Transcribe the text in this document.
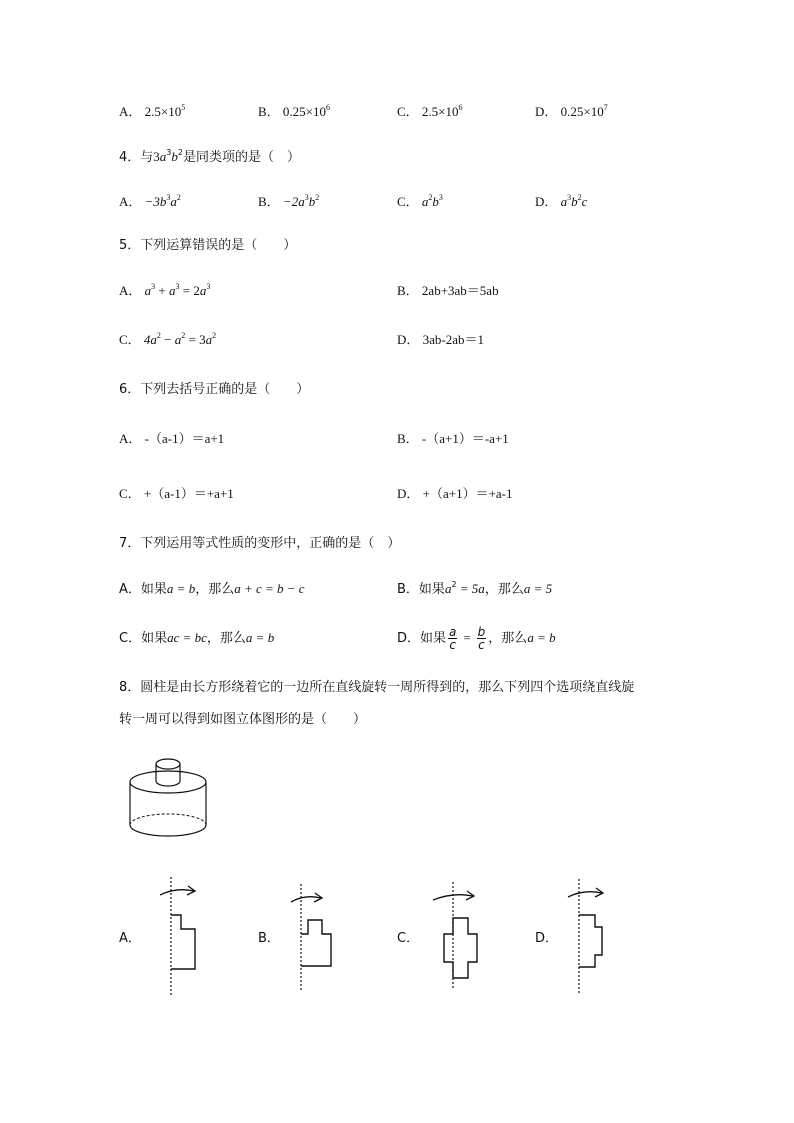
A． $2.5\times 10^5$	B． $0.25\times 10^6$	C． $2.5\times 10^6$	D． $0.25\times 10^7$
4．与$3a^3b^2$是同类项的是（　）
A． $-3b^3a^2$	B． $-2a^3b^2$	C． $a^2b^3$	D． $a^3b^2c$
5．下列运算错误的是（　　）
A． $a^3 + a^3 = 2a^3$	B． 2ab+3ab＝5ab
C． $4a^2 - a^2 = 3a^2$	D． 3ab-2ab＝1
6．下列去括号正确的是（　　）
A． -（a-1）＝a+1	B． -（a+1）＝-a+1
C． +（a-1）＝+a+1	D． +（a+1）＝+a-1
7．下列运用等式性质的变形中，正确的是（　）
A．如果a = b，那么a + c = b − c	B．如果$a^2 = 5a$，那么a = 5
C．如果ac = bc，那么a = b	D．如果 $\frac{a}{c} = \frac{b}{c}$ ，那么a = b
8．圆柱是由长方形绕着它的一边所在直线旋转一周所得到的，那么下列四个选项绕直线旋
转一周可以得到如图立体图形的是（　　）
A．	B．	C．	D．
